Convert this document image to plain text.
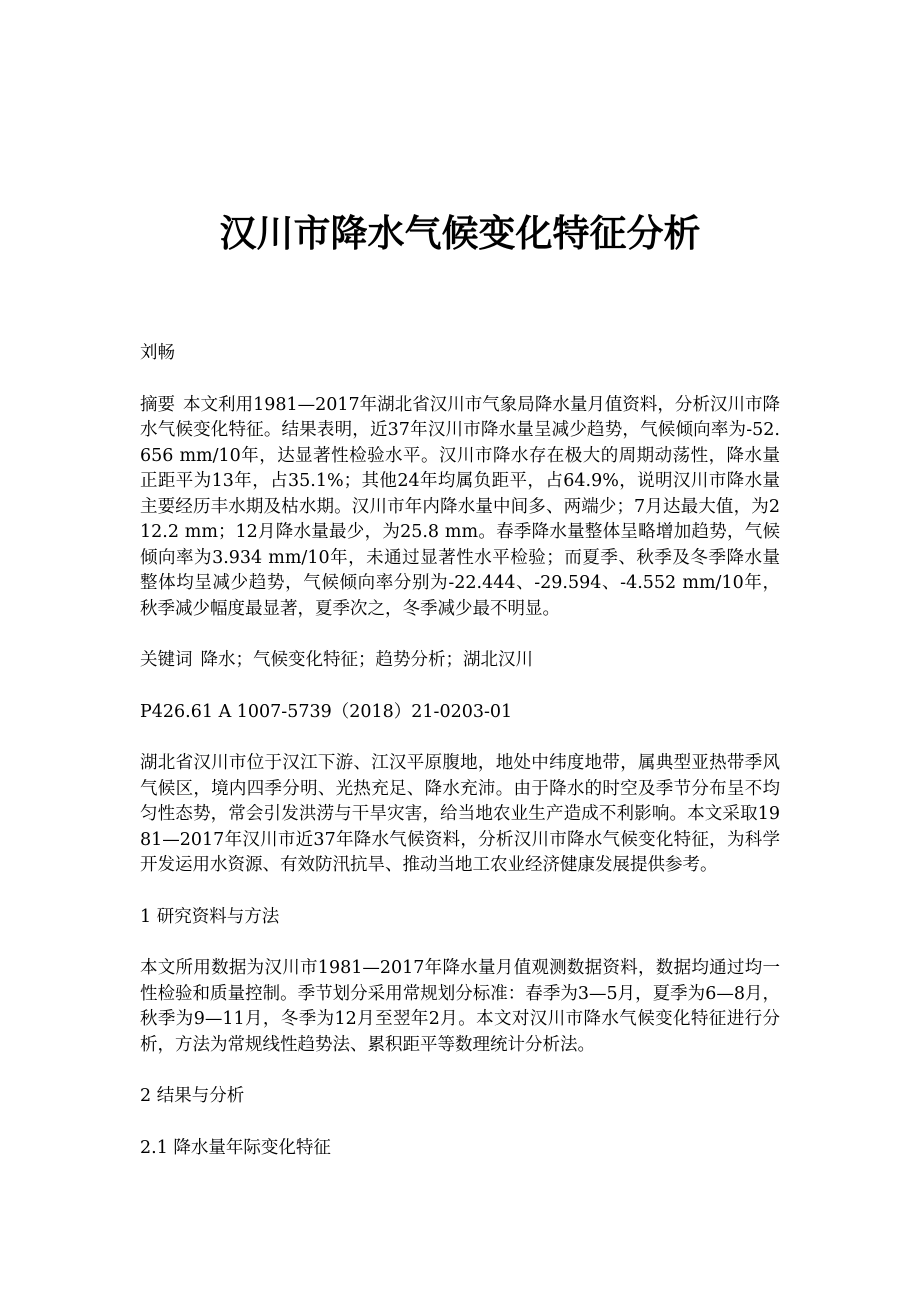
汉川市降水气候变化特征分析

刘畅

摘要 本文利用1981—2017年湖北省汉川市气象局降水量月值资料，分析汉川市降水气候变化特征。结果表明，近37年汉川市降水量呈减少趋势，气候倾向率为-52.656 mm/10年，达显著性检验水平。汉川市降水存在极大的周期动荡性，降水量正距平为13年，占35.1%；其他24年均属负距平，占64.9%，说明汉川市降水量主要经历丰水期及枯水期。汉川市年内降水量中间多、两端少；7月达最大值，为212.2 mm；12月降水量最少，为25.8 mm。春季降水量整体呈略增加趋势，气候倾向率为3.934 mm/10年，未通过显著性水平检验；而夏季、秋季及冬季降水量整体均呈减少趋势，气候倾向率分别为-22.444、-29.594、-4.552 mm/10年，秋季减少幅度最显著，夏季次之，冬季减少最不明显。

关键词 降水；气候变化特征；趋势分析；湖北汉川

P426.61 A 1007-5739（2018）21-0203-01

湖北省汉川市位于汉江下游、江汉平原腹地，地处中纬度地带，属典型亚热带季风气候区，境内四季分明、光热充足、降水充沛。由于降水的时空及季节分布呈不均匀性态势，常会引发洪涝与干旱灾害，给当地农业生产造成不利影响。本文采取1981—2017年汉川市近37年降水气候资料，分析汉川市降水气候变化特征，为科学开发运用水资源、有效防汛抗旱、推动当地工农业经济健康发展提供参考。

1 研究资料与方法

本文所用数据为汉川市1981—2017年降水量月值观测数据资料，数据均通过均一性检验和质量控制。季节划分采用常规划分标准：春季为3—5月，夏季为6—8月，秋季为9—11月，冬季为12月至翌年2月。本文对汉川市降水气候变化特征进行分析，方法为常规线性趋势法、累积距平等数理统计分析法。

2 结果与分析

2.1 降水量年际变化特征
